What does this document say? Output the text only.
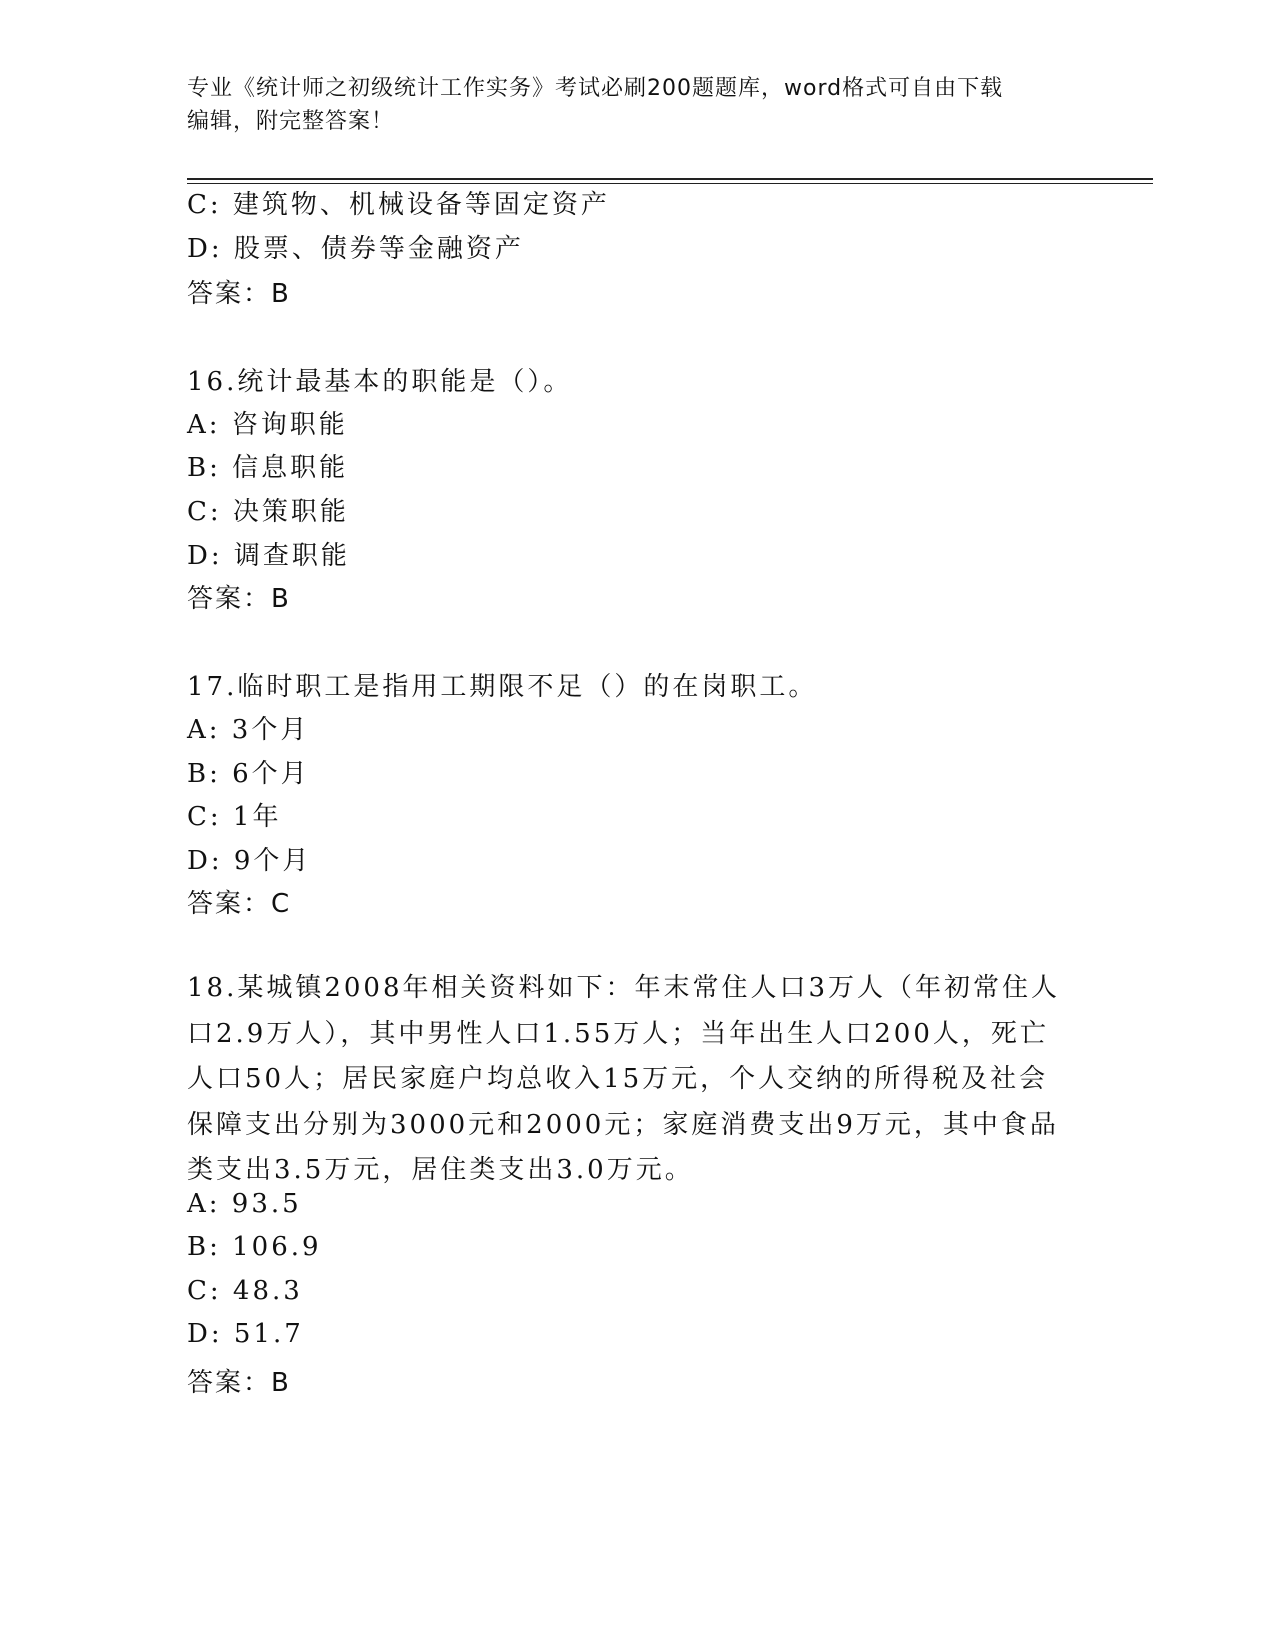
专业《统计师之初级统计工作实务》考试必刷200题题库，word格式可自由下载
编辑，附完整答案！
C: 建筑物、机械设备等固定资产
D: 股票、债券等金融资产
答案：B
16.统计最基本的职能是（）。
A: 咨询职能
B: 信息职能
C: 决策职能
D: 调查职能
答案：B
17.临时职工是指用工期限不足（）的在岗职工。
A: 3个月
B: 6个月
C: 1年
D: 9个月
答案：C
18.某城镇2008年相关资料如下：年末常住人口3万人（年初常住人
口2.9万人），其中男性人口1.55万人；当年出生人口200人，死亡
人口50人；居民家庭户均总收入15万元，个人交纳的所得税及社会
保障支出分别为3000元和2000元；家庭消费支出9万元，其中食品
类支出3.5万元，居住类支出3.0万元。
A: 93.5
B: 106.9
C: 48.3
D: 51.7
答案：B
